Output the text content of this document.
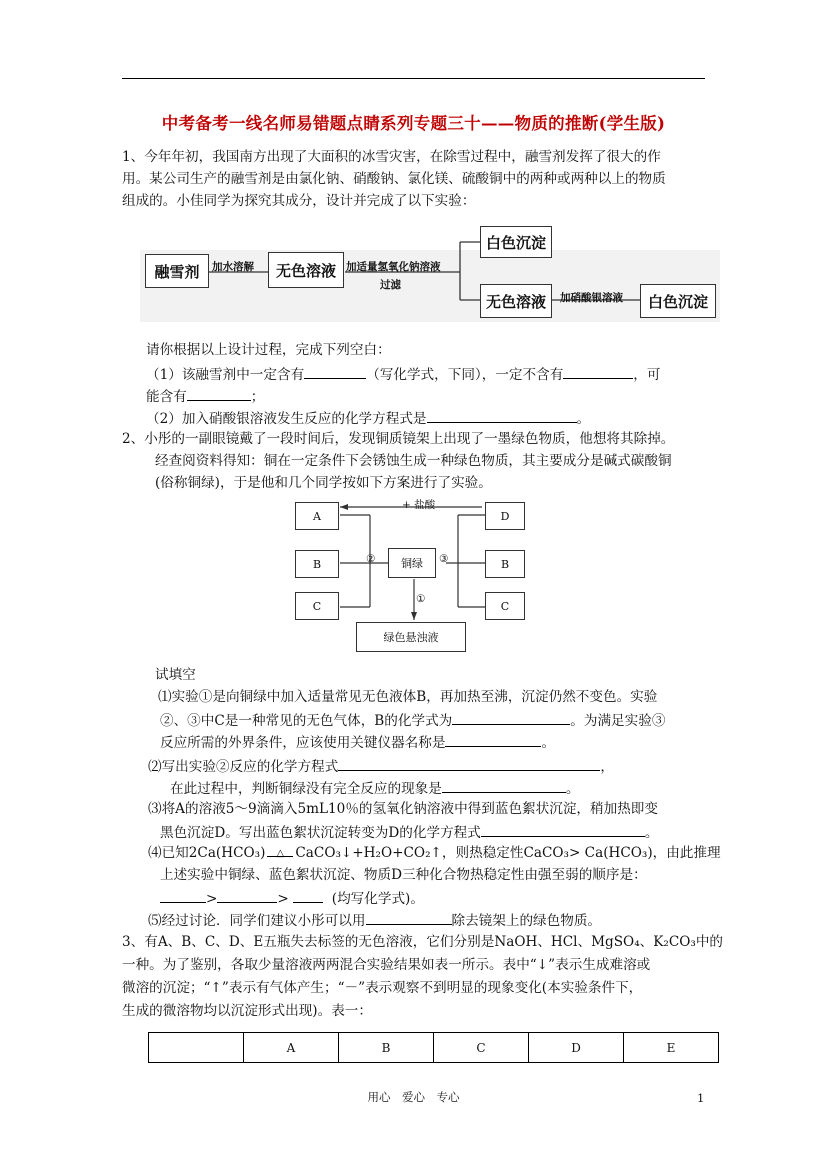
中考备考一线名师易错题点睛系列专题三十——物质的推断(学生版)
1、今年年初，我国南方出现了大面积的冰雪灾害，在除雪过程中，融雪剂发挥了很大的作
用。某公司生产的融雪剂是由氯化钠、硝酸钠、氯化镁、硫酸铜中的两种或两种以上的物质
组成的。小佳同学为探究其成分，设计并完成了以下实验：
融雪剂	加水溶解	无色溶液 加适量氢氧化钠溶液
过滤
白色沉淀
无色溶液	加硝酸银溶液	白色沉淀
请你根据以上设计过程，完成下列空白：
（1）该融雪剂中一定含有	（写化学式，下同），一定不含有	，可
能含有	；
（2）加入硝酸银溶液发生反应的化学方程式是	。
2、小彤的一副眼镜戴了一段时间后，发现铜质镜架上出现了一墨绿色物质，他想将其除掉。
经查阅资料得知：铜在一定条件下会锈蚀生成一种绿色物质，其主要成分是碱式碳酸铜
(俗称铜绿)，于是他和几个同学按如下方案进行了实验。
+ 盐酸
A	D
B	铜绿	B
C	C
绿色悬浊液
②	③
①
试填空
⑴实验①是向铜绿中加入适量常见无色液体B，再加热至沸，沉淀仍然不变色。实验
②、③中C是一种常见的无色气体，B的化学式为	。为满足实验③
反应所需的外界条件，应该使用关键仪器名称是	。
⑵写出实验②反应的化学方程式	，
在此过程中，判断铜绿没有完全反应的现象是	。
⑶将A的溶液5～9滴滴入5mL10％的氢氧化钠溶液中得到蓝色絮状沉淀，稍加热即变
黑色沉淀D。写出蓝色絮状沉淀转变为D的化学方程式	。
⑷已知2Ca(HCO₃) △ CaCO₃↓+H₂O+CO₂↑，则热稳定性CaCO₃> Ca(HCO₃)，由此推理
上述实验中铜绿、蓝色絮状沉淀、物质D三种化合物热稳定性由强至弱的顺序是：
>	>	(均写化学式)。
⑸经过讨论．同学们建议小彤可以用	除去镜架上的绿色物质。
3、有A、B、C、D、E五瓶失去标签的无色溶液，它们分别是NaOH、HCl、MgSO₄、K₂CO₃中的
一种。为了鉴别，各取少量溶液两两混合实验结果如表一所示。表中“↓”表示生成难溶或
微溶的沉淀；“↑”表示有气体产生；“－”表示观察不到明显的现象变化(本实验条件下，
生成的微溶物均以沉淀形式出现)。表一：
	A	B	C	D	E
用心　爱心　专心	1
